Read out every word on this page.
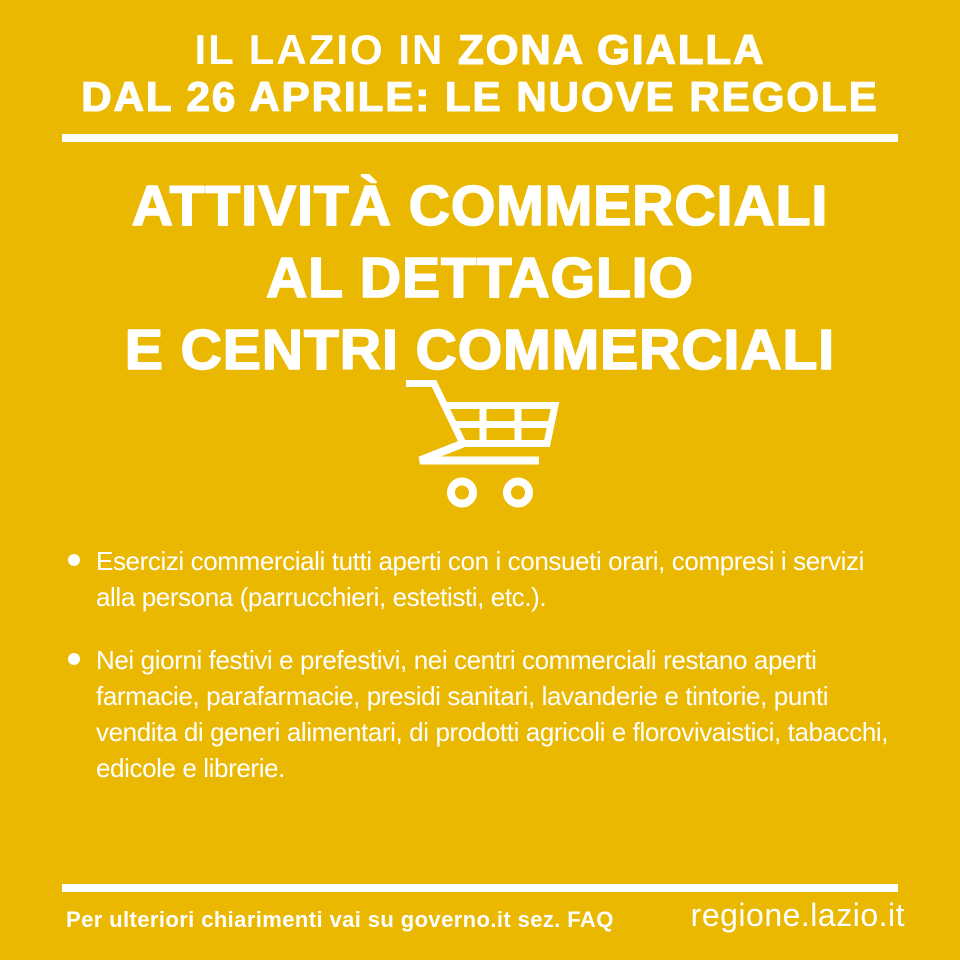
IL LAZIO IN ZONA GIALLA
DAL 26 APRILE: LE NUOVE REGOLE
ATTIVITÀ COMMERCIALI
AL DETTAGLIO
E CENTRI COMMERCIALI
Esercizi commerciali tutti aperti con i consueti orari, compresi i servizi alla persona (parrucchieri, estetisti, etc.).
Nei giorni festivi e prefestivi, nei centri commerciali restano aperti farmacie, parafarmacie, presidi sanitari, lavanderie e tintorie, punti vendita di generi alimentari, di prodotti agricoli e florovivaistici, tabacchi, edicole e librerie.
Per ulteriori chiarimenti vai su governo.it sez. FAQ regione.lazio.it
